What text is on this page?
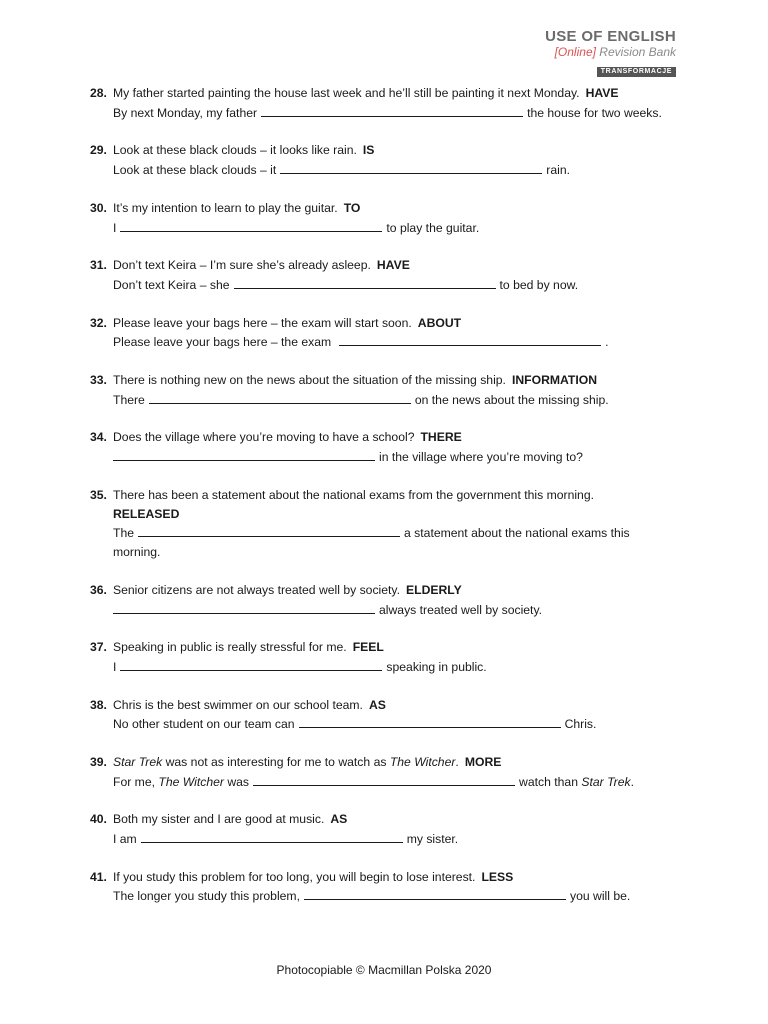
USE OF ENGLISH
[Online] Revision Bank
TRANSFORMACJE
28. My father started painting the house last week and he’ll still be painting it next Monday. HAVE
By next Monday, my father	the house for two weeks.
29. Look at these black clouds – it looks like rain. IS
Look at these black clouds – it	rain.
30. It’s my intention to learn to play the guitar. TO
I	to play the guitar.
31. Don’t text Keira – I’m sure she’s already asleep. HAVE
Don’t text Keira – she	to bed by now.
32. Please leave your bags here – the exam will start soon. ABOUT
Please leave your bags here – the exam	.
33. There is nothing new on the news about the situation of the missing ship. INFORMATION
There	on the news about the missing ship.
34. Does the village where you’re moving to have a school? THERE
in the village where you’re moving to?
35. There has been a statement about the national exams from the government this morning.
RELEASED
The	a statement about the national exams this morning.
36. Senior citizens are not always treated well by society. ELDERLY
always treated well by society.
37. Speaking in public is really stressful for me. FEEL
I	speaking in public.
38. Chris is the best swimmer on our school team. AS
No other student on our team can	Chris.
39. Star Trek was not as interesting for me to watch as The Witcher. MORE
For me, The Witcher was	watch than Star Trek.
40. Both my sister and I are good at music. AS
I am	my sister.
41. If you study this problem for too long, you will begin to lose interest. LESS
The longer you study this problem,	you will be.
Photocopiable © Macmillan Polska 2020
